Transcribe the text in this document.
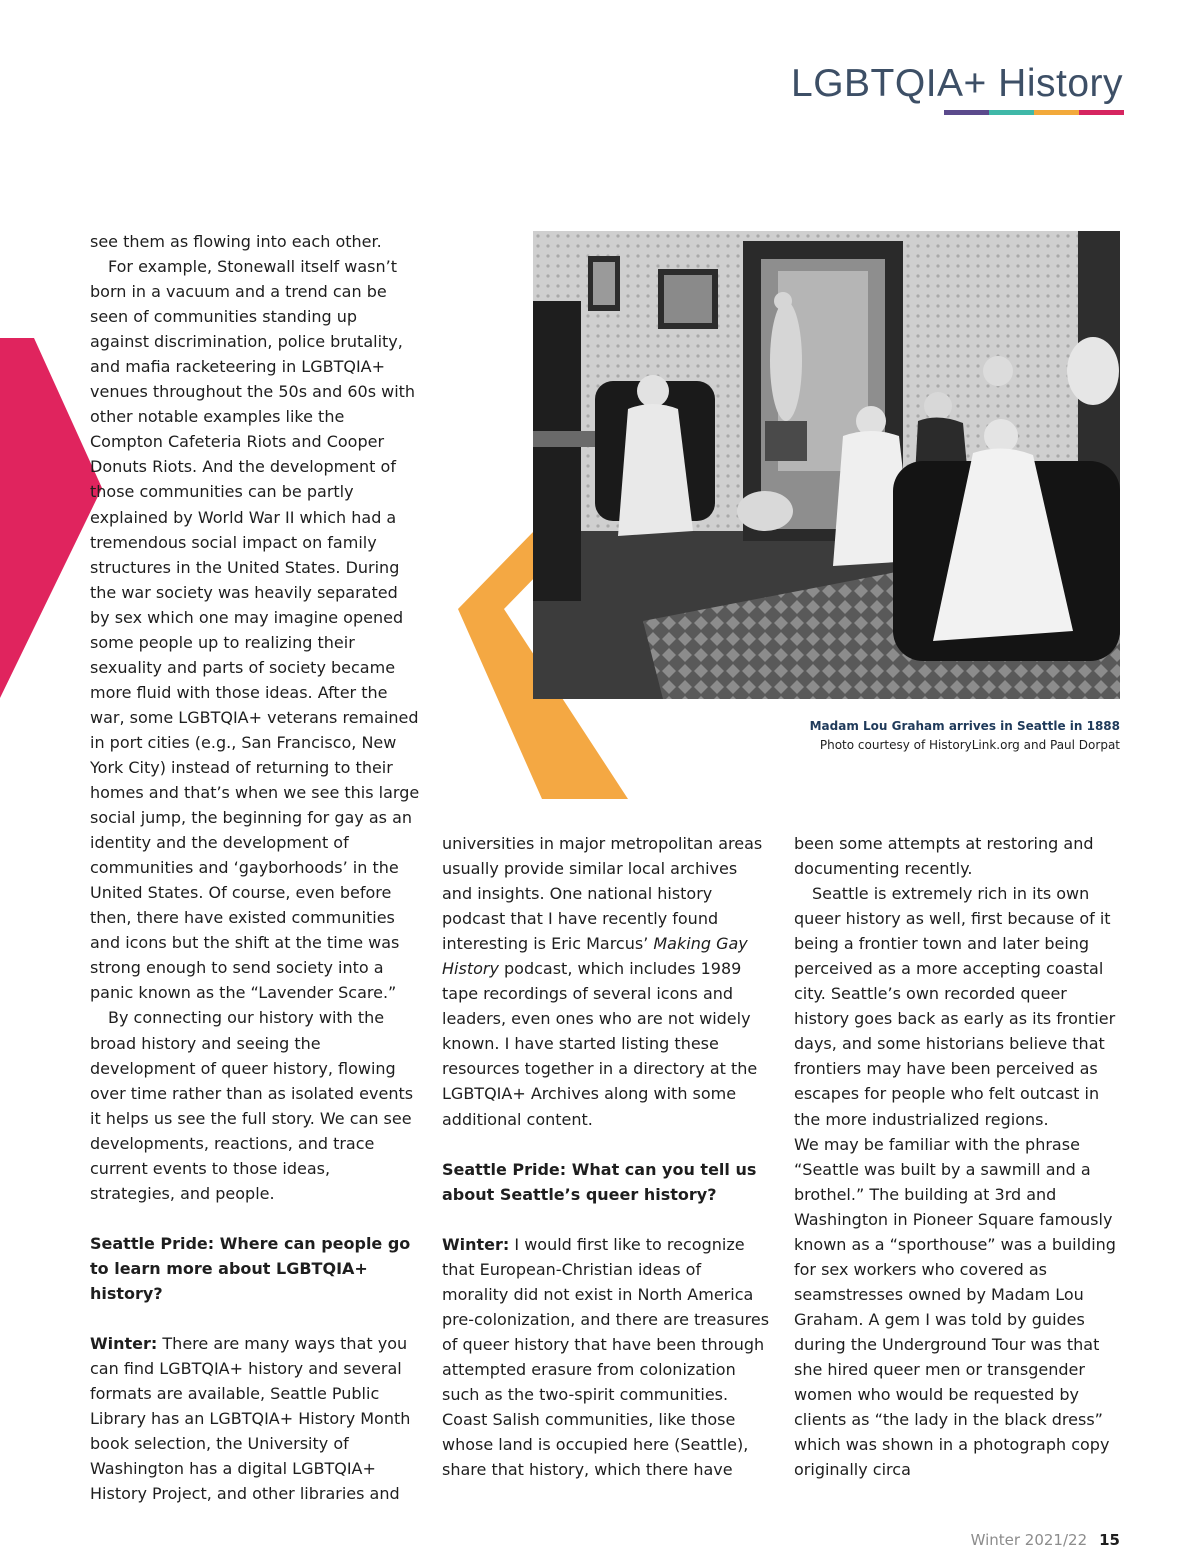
LGBTQIA+ History
Madam Lou Graham arrives in Seattle in 1888
Photo courtesy of HistoryLink.org and Paul Dorpat

see them as flowing into each other.

For example, Stonewall itself wasn’t born in a vacuum and a trend can be seen of communities standing up against discrimination, police brutality, and mafia racketeering in LGBTQIA+ venues throughout the 50s and 60s with other notable examples like the Compton Cafeteria Riots and Cooper Donuts Riots. And the development of those communities can be partly explained by World War II which had a tremendous social impact on family structures in the United States. During the war society was heavily separated by sex which one may imagine opened some people up to realizing their sexuality and parts of society became more fluid with those ideas. After the war, some LGBTQIA+ veterans remained in port cities (e.g., San Francisco, New York City) instead of returning to their homes and that’s when we see this large social jump, the beginning for gay as an identity and the development of communities and ‘gayborhoods’ in the United States. Of course, even before then, there have existed communities and icons but the shift at the time was strong enough to send society into a panic known as the “Lavender Scare.”

By connecting our history with the broad history and seeing the development of queer history, flowing over time rather than as isolated events it helps us see the full story. We can see developments, reactions, and trace current events to those ideas, strategies, and people.

Seattle Pride: Where can people go to learn more about LGBTQIA+ history?

Winter: There are many ways that you can find LGBTQIA+ history and several formats are available, Seattle Public Library has an LGBTQIA+ History Month book selection, the University of Washington has a digital LGBTQIA+ History Project, and other libraries and

universities in major metropolitan areas usually provide similar local archives and insights. One national history podcast that I have recently found interesting is Eric Marcus’ Making Gay History podcast, which includes 1989 tape recordings of several icons and leaders, even ones who are not widely known. I have started listing these resources together in a directory at the LGBTQIA+ Archives along with some additional content.

Seattle Pride: What can you tell us about Seattle’s queer history?

Winter: I would first like to recognize that European-Christian ideas of morality did not exist in North America pre-colonization, and there are treasures of queer history that have been through attempted erasure from colonization such as the two-spirit communities. Coast Salish communities, like those whose land is occupied here (Seattle), share that history, which there have

been some attempts at restoring and documenting recently.

Seattle is extremely rich in its own queer history as well, first because of it being a frontier town and later being perceived as a more accepting coastal city. Seattle’s own recorded queer history goes back as early as its frontier days, and some historians believe that frontiers may have been perceived as escapes for people who felt outcast in the more industrialized regions.

We may be familiar with the phrase “Seattle was built by a sawmill and a brothel.” The building at 3rd and Washington in Pioneer Square famously known as a “sporthouse” was a building for sex workers who covered as seamstresses owned by Madam Lou Graham. A gem I was told by guides during the Underground Tour was that she hired queer men or transgender women who would be requested by clients as “the lady in the black dress” which was shown in a photograph copy originally circa

Winter 2021/22 15
